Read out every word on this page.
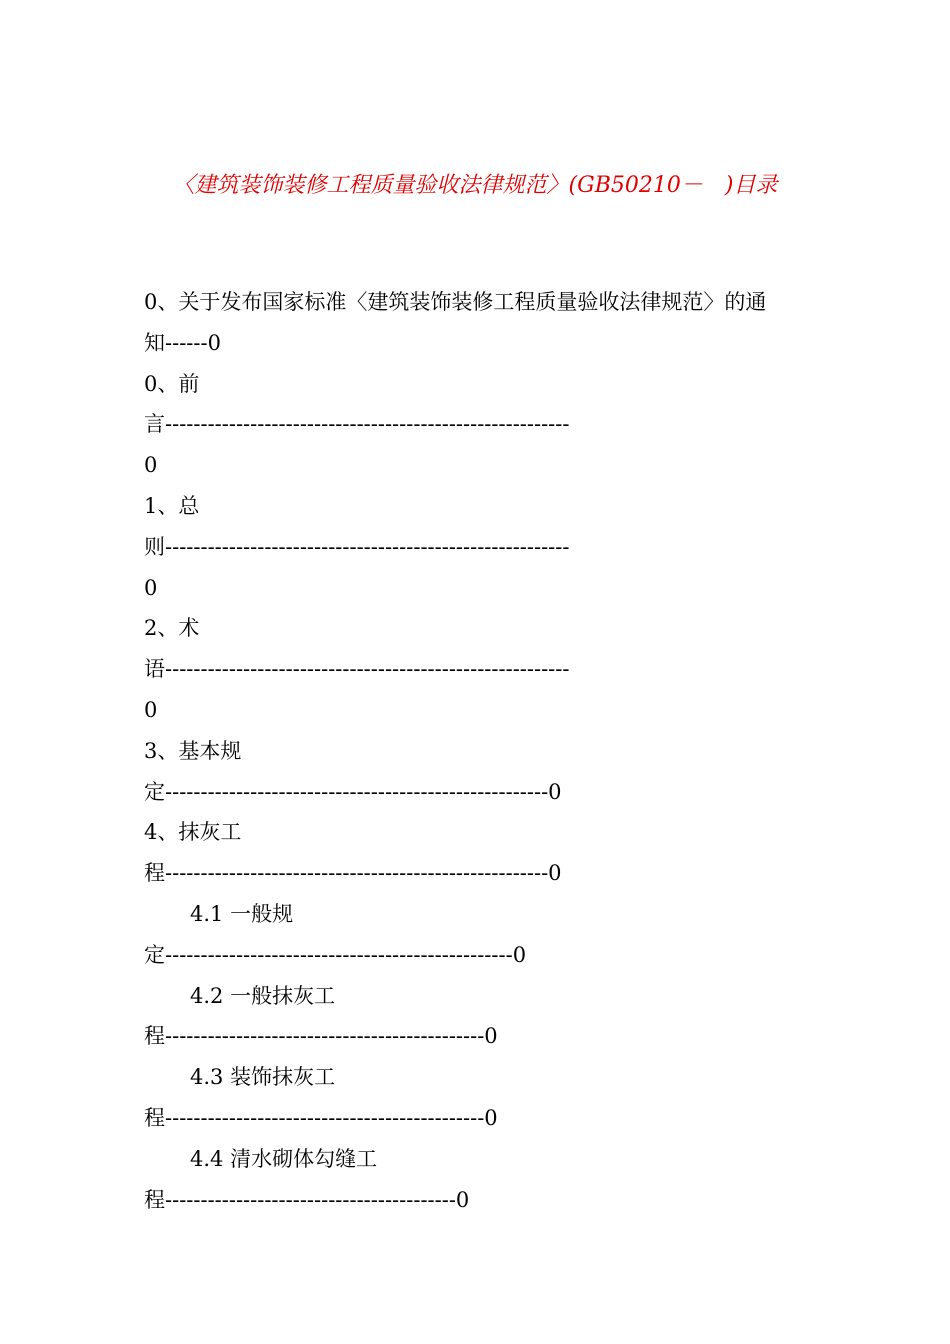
〈建筑装饰装修工程质量验收法律规范〉(GB50210－　)目录
0、关于发布国家标准〈建筑装饰装修工程质量验收法律规范〉的通
知------0
0、前
言---------------------------------------------------------
0
1、总
则---------------------------------------------------------
0
2、术
语---------------------------------------------------------
0
3、基本规
定------------------------------------------------------0
4、抹灰工
程------------------------------------------------------0
4.1 一般规
定-------------------------------------------------0
4.2 一般抹灰工
程---------------------------------------------0
4.3 装饰抹灰工
程---------------------------------------------0
4.4 清水砌体勾缝工
程-----------------------------------------0
